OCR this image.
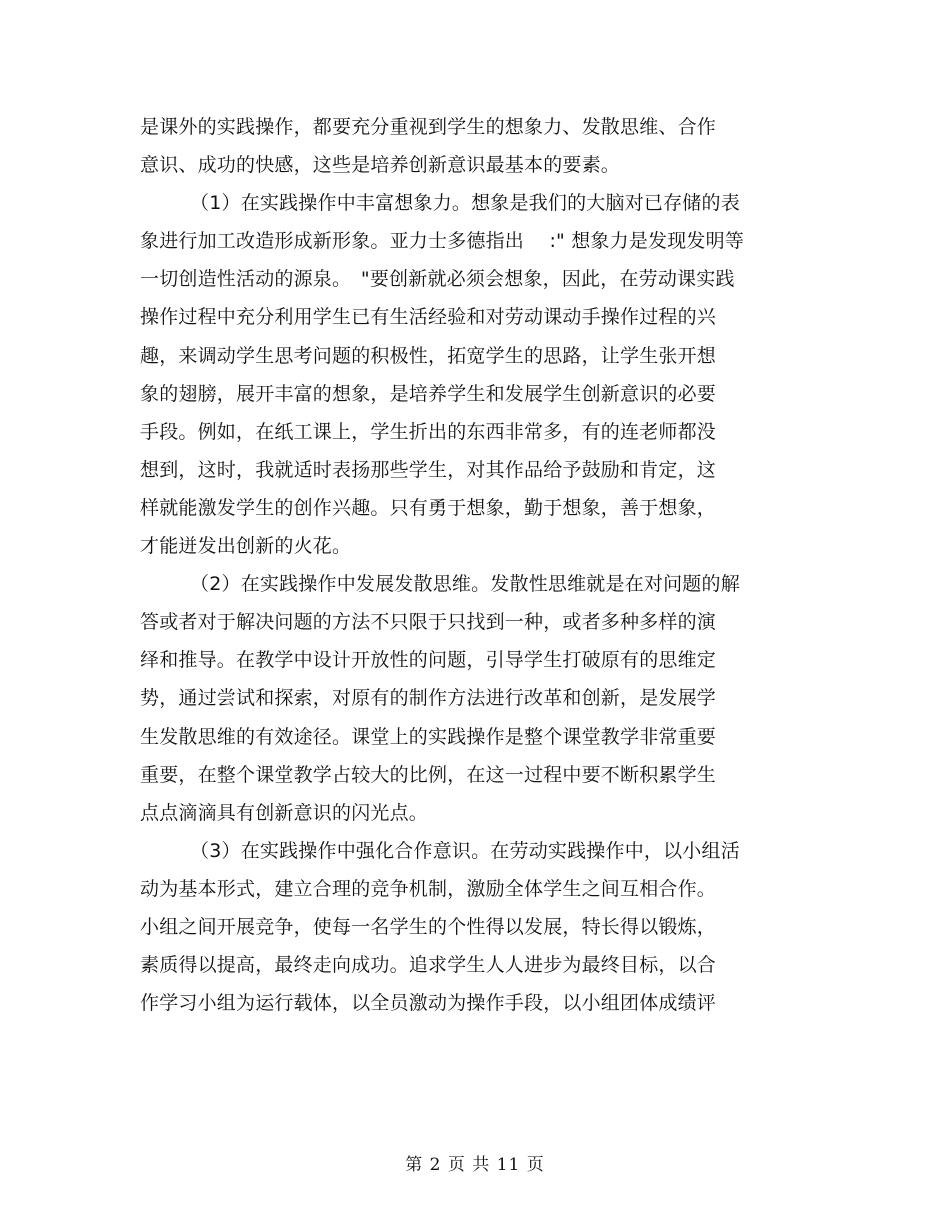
是课外的实践操作，都要充分重视到学生的想象力、发散思维、合作
意识、成功的快感，这些是培养创新意识最基本的要素。
（1）在实践操作中丰富想象力。想象是我们的大脑对已存储的表
象进行加工改造形成新形象。亚力士多德指出　 :" 想象力是发现发明等
一切创造性活动的源泉。　"要创新就必须会想象，因此，在劳动课实践
操作过程中充分利用学生已有生活经验和对劳动课动手操作过程的兴
趣，来调动学生思考问题的积极性，拓宽学生的思路，让学生张开想
象的翅膀，展开丰富的想象，是培养学生和发展学生创新意识的必要
手段。例如，在纸工课上，学生折出的东西非常多，有的连老师都没
想到，这时，我就适时表扬那些学生，对其作品给予鼓励和肯定，这
样就能激发学生的创作兴趣。只有勇于想象，勤于想象，善于想象，
才能迸发出创新的火花。
（2）在实践操作中发展发散思维。发散性思维就是在对问题的解
答或者对于解决问题的方法不只限于只找到一种，或者多种多样的演
绎和推导。在教学中设计开放性的问题，引导学生打破原有的思维定
势，通过尝试和探索，对原有的制作方法进行改革和创新，是发展学
生发散思维的有效途径。课堂上的实践操作是整个课堂教学非常重要
重要，在整个课堂教学占较大的比例，在这一过程中要不断积累学生
点点滴滴具有创新意识的闪光点。
（3）在实践操作中强化合作意识。在劳动实践操作中，以小组活
动为基本形式，建立合理的竞争机制，激励全体学生之间互相合作。
小组之间开展竞争，使每一名学生的个性得以发展，特长得以锻炼，
素质得以提高，最终走向成功。追求学生人人进步为最终目标，以合
作学习小组为运行载体，以全员激动为操作手段，以小组团体成绩评
第 2 页 共 11 页
